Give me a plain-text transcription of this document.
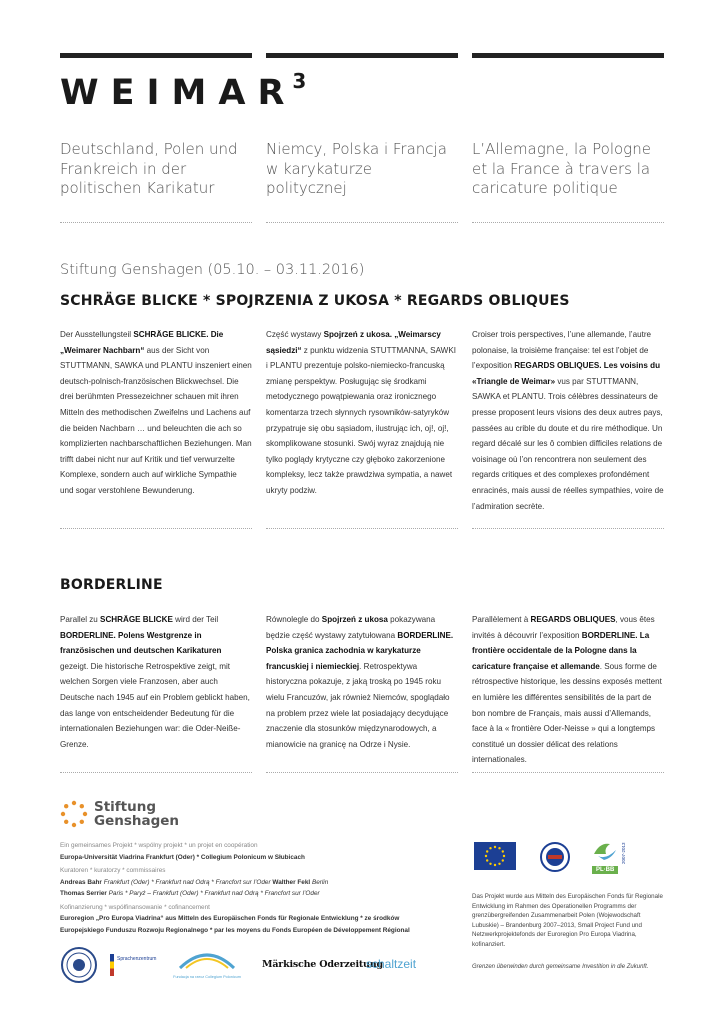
WEIMAR$^3$
Deutschland, Polen und Frankreich in der politischen Karikatur
Niemcy, Polska i Francja w karykaturze politycznej
L’Allemagne, la Pologne et la France à travers la caricature politique
Stiftung Genshagen (05.10. – 03.11.2016)
SCHRÄGE BLICKE * SPOJRZENIA Z UKOSA * REGARDS OBLIQUES
Der Ausstellungsteil SCHRÄGE BLICKE. Die „Weimarer Nachbarn“ aus der Sicht von STUTTMANN, SAWKA und PLANTU inszeniert einen deutsch-polnisch-französischen Blickwechsel. Die drei berühmten Pressezeichner schauen mit ihren Mitteln des methodischen Zweifelns und Lachens auf die beiden Nachbarn … und beleuchten die ach so komplizierten nachbarschaftlichen Beziehungen. Man trifft dabei nicht nur auf Kritik und tief verwurzelte Komplexe, sondern auch auf wirkliche Sympathie und sogar verstohlene Bewunderung.
Część wystawy Spojrzeń z ukosa. „Weimarscy sąsiedzi“ z punktu widzenia STUTTMANNA, SAWKI i PLANTU prezentuje polsko-niemiecko-francuską zmianę perspektyw. Posługując się środkami metodycznego powątpiewania oraz ironicznego komentarza trzech słynnych rysowników-satyryków przypatruje się obu sąsiadom, ilustrując ich, oj!, oj!, skomplikowane stosunki. Swój wyraz znajdują nie tylko poglądy krytyczne czy głęboko zakorzenione kompleksy, lecz także prawdziwa sympatia, a nawet ukryty podziw.
Croiser trois perspectives, l’une allemande, l’autre polonaise, la troisième française: tel est l’objet de l’exposition REGARDS OBLIQUES. Les voisins du «Triangle de Weimar» vus par STUTTMANN, SAWKA et PLANTU. Trois célèbres dessinateurs de presse proposent leurs visions des deux autres pays, passées au crible du doute et du rire méthodique. Un regard décalé sur les ô combien difficiles relations de voisinage où l’on rencontrera non seulement des regards critiques et des complexes profondément enracinés, mais aussi de réelles sympathies, voire de l’admiration secrète.
BORDERLINE
Parallel zu SCHRÄGE BLICKE wird der Teil BORDERLINE. Polens Westgrenze in französischen und deutschen Karikaturen gezeigt. Die historische Retrospektive zeigt, mit welchen Sorgen viele Franzosen, aber auch Deutsche nach 1945 auf ein Problem geblickt haben, das lange von entscheidender Bedeutung für die internationalen Beziehungen war: die Oder-Neiße-Grenze.
Równolegle do Spojrzeń z ukosa pokazywana będzie część wystawy zatytułowana BORDERLINE. Polska granica zachodnia w karykaturze francuskiej i niemieckiej. Retrospektywa historyczna pokazuje, z jaką troską po 1945 roku wielu Francuzów, jak również Niemców, spoglądało na problem przez wiele lat posiadający decydujące znaczenie dla stosunków międzynarodowych, a mianowicie na granicę na Odrze i Nysie.
Parallèlement à REGARDS OBLIQUES, vous êtes invités à découvrir l’exposition BORDERLINE. La frontière occidentale de la Pologne dans la caricature française et allemande. Sous forme de rétrospective historique, les dessins exposés mettent en lumière les différentes sensibilités de la part de bon nombre de Français, mais aussi d’Allemands, face à la « frontière Oder-Neisse » qui a longtemps constitué un dossier délicat des relations internationales.
Stiftung
Genshagen
Ein gemeinsames Projekt * wspólny projekt * un projet en coopération
Europa-Universität Viadrina Frankfurt (Oder) * Collegium Polonicum w Słubicach
Kuratoren * kuratorzy * commissaires
Andreas Bahr Frankfurt (Oder) * Frankfurt nad Odrą * Francfort sur l’Oder Walther Fekl Berlin
Thomas Serrier Paris * Paryż – Frankfurt (Oder) * Frankfurt nad Odrą * Francfort sur l’Oder
Kofinanzierung * współfinansowanie * cofinancement
Euroregion „Pro Europa Viadrina“ aus Mitteln des Europäischen Fonds für Regionale Entwicklung * ze środków
Europejskiego Funduszu Rozwoju Regionalnego * par les moyens du Fonds Européen de Développement Régional
Sprachenzentrum
Fundacja na rzecz Collegium Polonicum
Märkische Oderzeitung
schaltzeit
2007-2013
PL·BB
Das Projekt wurde aus Mitteln des Europäischen Fonds für Regionale Entwicklung im Rahmen des Operationellen Programms der grenzübergreifenden Zusammenarbeit Polen (Wojewodschaft Lubuskie) – Brandenburg 2007–2013, Small Project Fund und Netzwerkprojektefonds der Euroregion Pro Europa Viadrina, kofinanziert.
Grenzen überwinden durch gemeinsame Investition in die Zukunft.
